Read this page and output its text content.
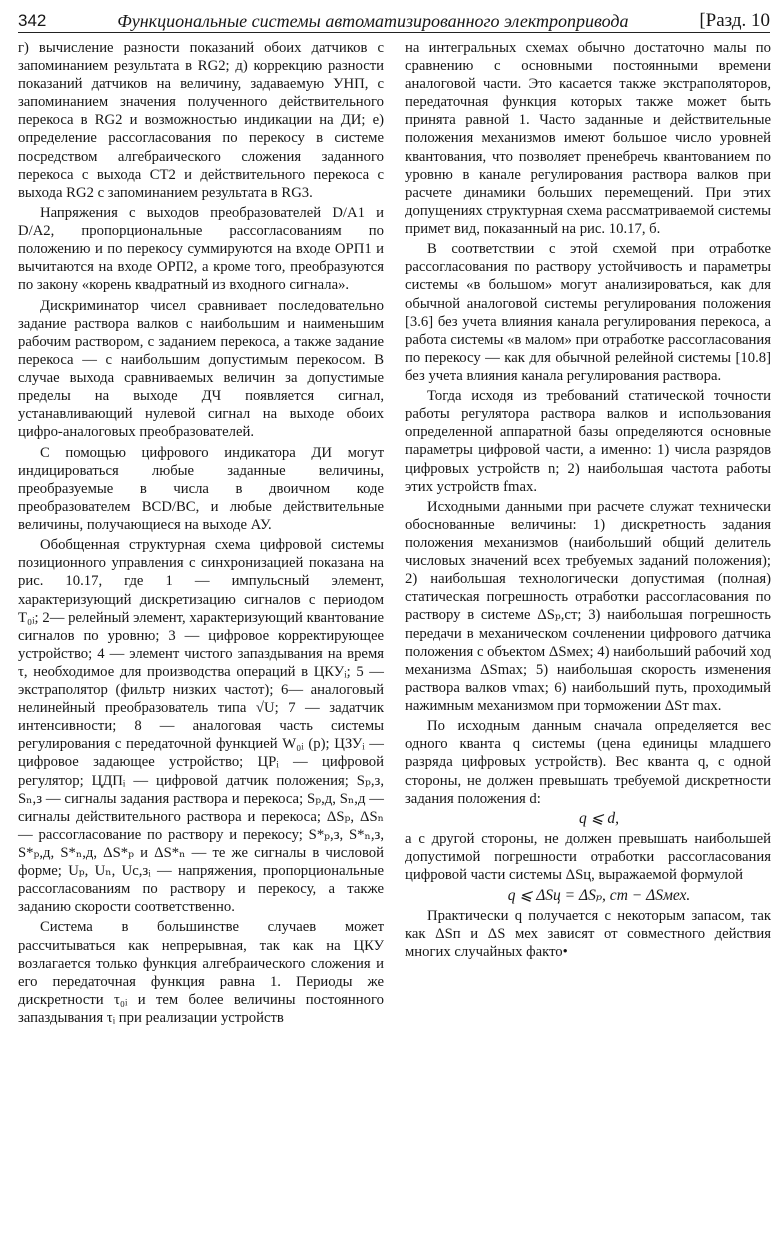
342	Функциональные системы автоматизированного электропривода	[Разд. 10

г) вычисление разности показаний обоих датчиков с запоминанием результата в RG2; д) коррекцию разности показаний датчиков на величину, задаваемую УНП, с запоминанием значения полученного действительного перекоса в RG2 и возможностью индикации на ДИ; е) определение рассогласования по перекосу в системе посредством алгебраического сложения заданного перекоса с выхода СТ2 и действительного перекоса с выхода RG2 с запоминанием результата в RG3.

Напряжения с выходов преобразователей D/A1 и D/A2, пропорциональные рассогласованиям по положению и по перекосу суммируются на входе ОРП1 и вычитаются на входе ОРП2, а кроме того, преобразуются по закону «корень квадратный из входного сигнала».

Дискриминатор чисел сравнивает последовательно задание раствора валков с наибольшим и наименьшим рабочим раствором, с заданием перекоса, а также задание перекоса — с наибольшим допустимым перекосом. В случае выхода сравниваемых величин за допустимые пределы на выходе ДЧ появляется сигнал, устанавливающий нулевой сигнал на выходе обоих цифро-аналоговых преобразователей.

С помощью цифрового индикатора ДИ могут индицироваться любые заданные величины, преобразуемые в числа в двоичном коде преобразователем BCD/BC, и любые действительные величины, получающиеся на выходе АУ.

Обобщенная структурная схема цифровой системы позиционного управления с синхронизацией показана на рис. 10.17, где 1 — импульсный элемент, характеризующий дискретизацию сигналов с периодом T₀ᵢ; 2— релейный элемент, характеризующий квантование сигналов по уровню; 3 — цифровое корректирующее устройство; 4 — элемент чистого запаздывания на время τ, необходимое для производства операций в ЦКУᵢ; 5 — экстраполятор (фильтр низких частот); 6— аналоговый нелинейный преобразователь типа √U; 7 — задатчик интенсивности; 8 — аналоговая часть системы регулирования с передаточной функцией W₀ᵢ (p); ЦЗУᵢ — цифровое задающее устройство; ЦРᵢ — цифровой регулятор; ЦДПᵢ — цифровой датчик положения; Sₚ,з, Sₙ,з — сигналы задания раствора и перекоса; Sₚ,д, Sₙ,д — сигналы действительного раствора и перекоса; ΔSₚ, ΔSₙ — рассогласование по раствору и перекосу; S*ₚ,з, S*ₙ,з, S*ₚ,д, S*ₙ,д, ΔS*ₚ и ΔS*ₙ — те же сигналы в числовой форме; Uₚ, Uₙ, Uс,зᵢ — напряжения, пропорциональные рассогласованиям по раствору и перекосу, а также заданию скорости соответственно.

Система в большинстве случаев может рассчитываться как непрерывная, так как на ЦКУ возлагается только функция алгебраического сложения и его передаточная функция равна 1. Периоды же дискретности τ₀ᵢ и тем более величины постоянного запаздывания τᵢ при реализации устройств

на интегральных схемах обычно достаточно малы по сравнению с основными постоянными времени аналоговой части. Это касается также экстраполяторов, передаточная функция которых также может быть принята равной 1. Часто заданные и действительные положения механизмов имеют большое число уровней квантования, что позволяет пренебречь квантованием по уровню в канале регулирования раствора валков при расчете динамики больших перемещений. При этих допущениях структурная схема рассматриваемой системы примет вид, показанный на рис. 10.17, б.

В соответствии с этой схемой при отработке рассогласования по раствору устойчивость и параметры системы «в большом» могут анализироваться, как для обычной аналоговой системы регулирования положения [3.6] без учета влияния канала регулирования перекоса, а работа системы «в малом» при отработке рассогласования по перекосу — как для обычной релейной системы [10.8] без учета влияния канала регулирования раствора.

Тогда исходя из требований статической точности работы регулятора раствора валков и использования определенной аппаратной базы определяются основные параметры цифровой части, а именно: 1) числа разрядов цифровых устройств n; 2) наибольшая частота работы этих устройств fmax.

Исходными данными при расчете служат технически обоснованные величины: 1) дискретность задания положения механизмов (наибольший общий делитель числовых значений всех требуемых заданий положения); 2) наибольшая технологически допустимая (полная) статическая погрешность отработки рассогласования по раствору в системе ΔSₚ,ст; 3) наибольшая погрешность передачи в механическом сочленении цифрового датчика положения с объектом ΔSмех; 4) наибольший рабочий ход механизма ΔSmax; 5) наибольшая скорость изменения раствора валков vmax; 6) наибольший путь, проходимый нажимным механизмом при торможении ΔSт max.

По исходным данным сначала определяется вес одного кванта q системы (цена единицы младшего разряда цифровых устройств). Вес кванта q, с одной стороны, не должен превышать требуемой дискретности задания положения d:

q ⩽ d,

а с другой стороны, не должен превышать наибольшей допустимой погрешности отработки рассогласования цифровой части системы ΔSц, выражаемой формулой

q ⩽ ΔSц = ΔSₚ, ст − ΔSмех.

Практически q получается с некоторым запасом, так как ΔSп и ΔS мех зависят от совместного действия многих случайных факто•
